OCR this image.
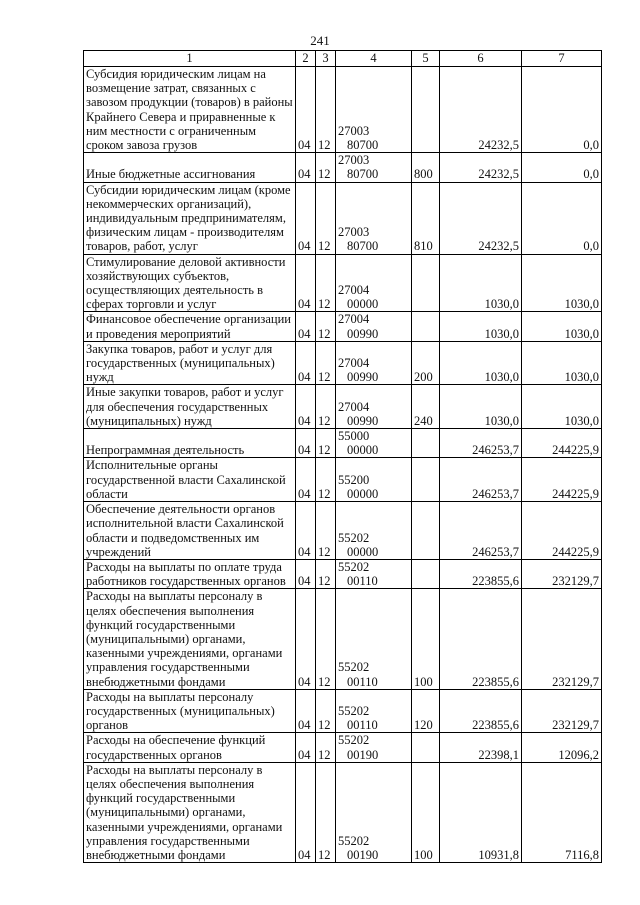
241
1	2	3	4	5	6	7
Субсидия юридическим лицам на возмещение затрат, связанных с завозом продукции (товаров) в районы Крайнего Севера и приравненные к ним местности с ограниченным сроком завоза грузов	04	12	2700380700		24232,5	0,0
Иные бюджетные ассигнования	04	12	2700380700	800	24232,5	0,0
Субсидии юридическим лицам (кроме некоммерческих организаций), индивидуальным предпринимателям, физическим лицам - производителям товаров, работ, услуг	04	12	2700380700	810	24232,5	0,0
Стимулирование деловой активности хозяйствующих субъектов, осуществляющих деятельность в сферах торговли и услуг	04	12	2700400000		1030,0	1030,0
Финансовое обеспечение организации и проведения мероприятий	04	12	2700400990		1030,0	1030,0
Закупка товаров, работ и услуг для государственных (муниципальных) нужд	04	12	2700400990	200	1030,0	1030,0
Иные закупки товаров, работ и услуг для обеспечения государственных (муниципальных) нужд	04	12	2700400990	240	1030,0	1030,0
Непрограммная деятельность	04	12	5500000000		246253,7	244225,9
Исполнительные органы государственной власти Сахалинской области	04	12	5520000000		246253,7	244225,9
Обеспечение деятельности органов исполнительной власти Сахалинской области и подведомственных им учреждений	04	12	5520200000		246253,7	244225,9
Расходы на выплаты по оплате труда работников государственных органов	04	12	5520200110		223855,6	232129,7
Расходы на выплаты персоналу в целях обеспечения выполнения функций государственными (муниципальными) органами, казенными учреждениями, органами управления государственными внебюджетными фондами	04	12	5520200110	100	223855,6	232129,7
Расходы на выплаты персоналу государственных (муниципальных) органов	04	12	5520200110	120	223855,6	232129,7
Расходы на обеспечение функций государственных органов	04	12	5520200190		22398,1	12096,2
Расходы на выплаты персоналу в целях обеспечения выполнения функций государственными (муниципальными) органами, казенными учреждениями, органами управления государственными внебюджетными фондами	04	12	5520200190	100	10931,8	7116,8
